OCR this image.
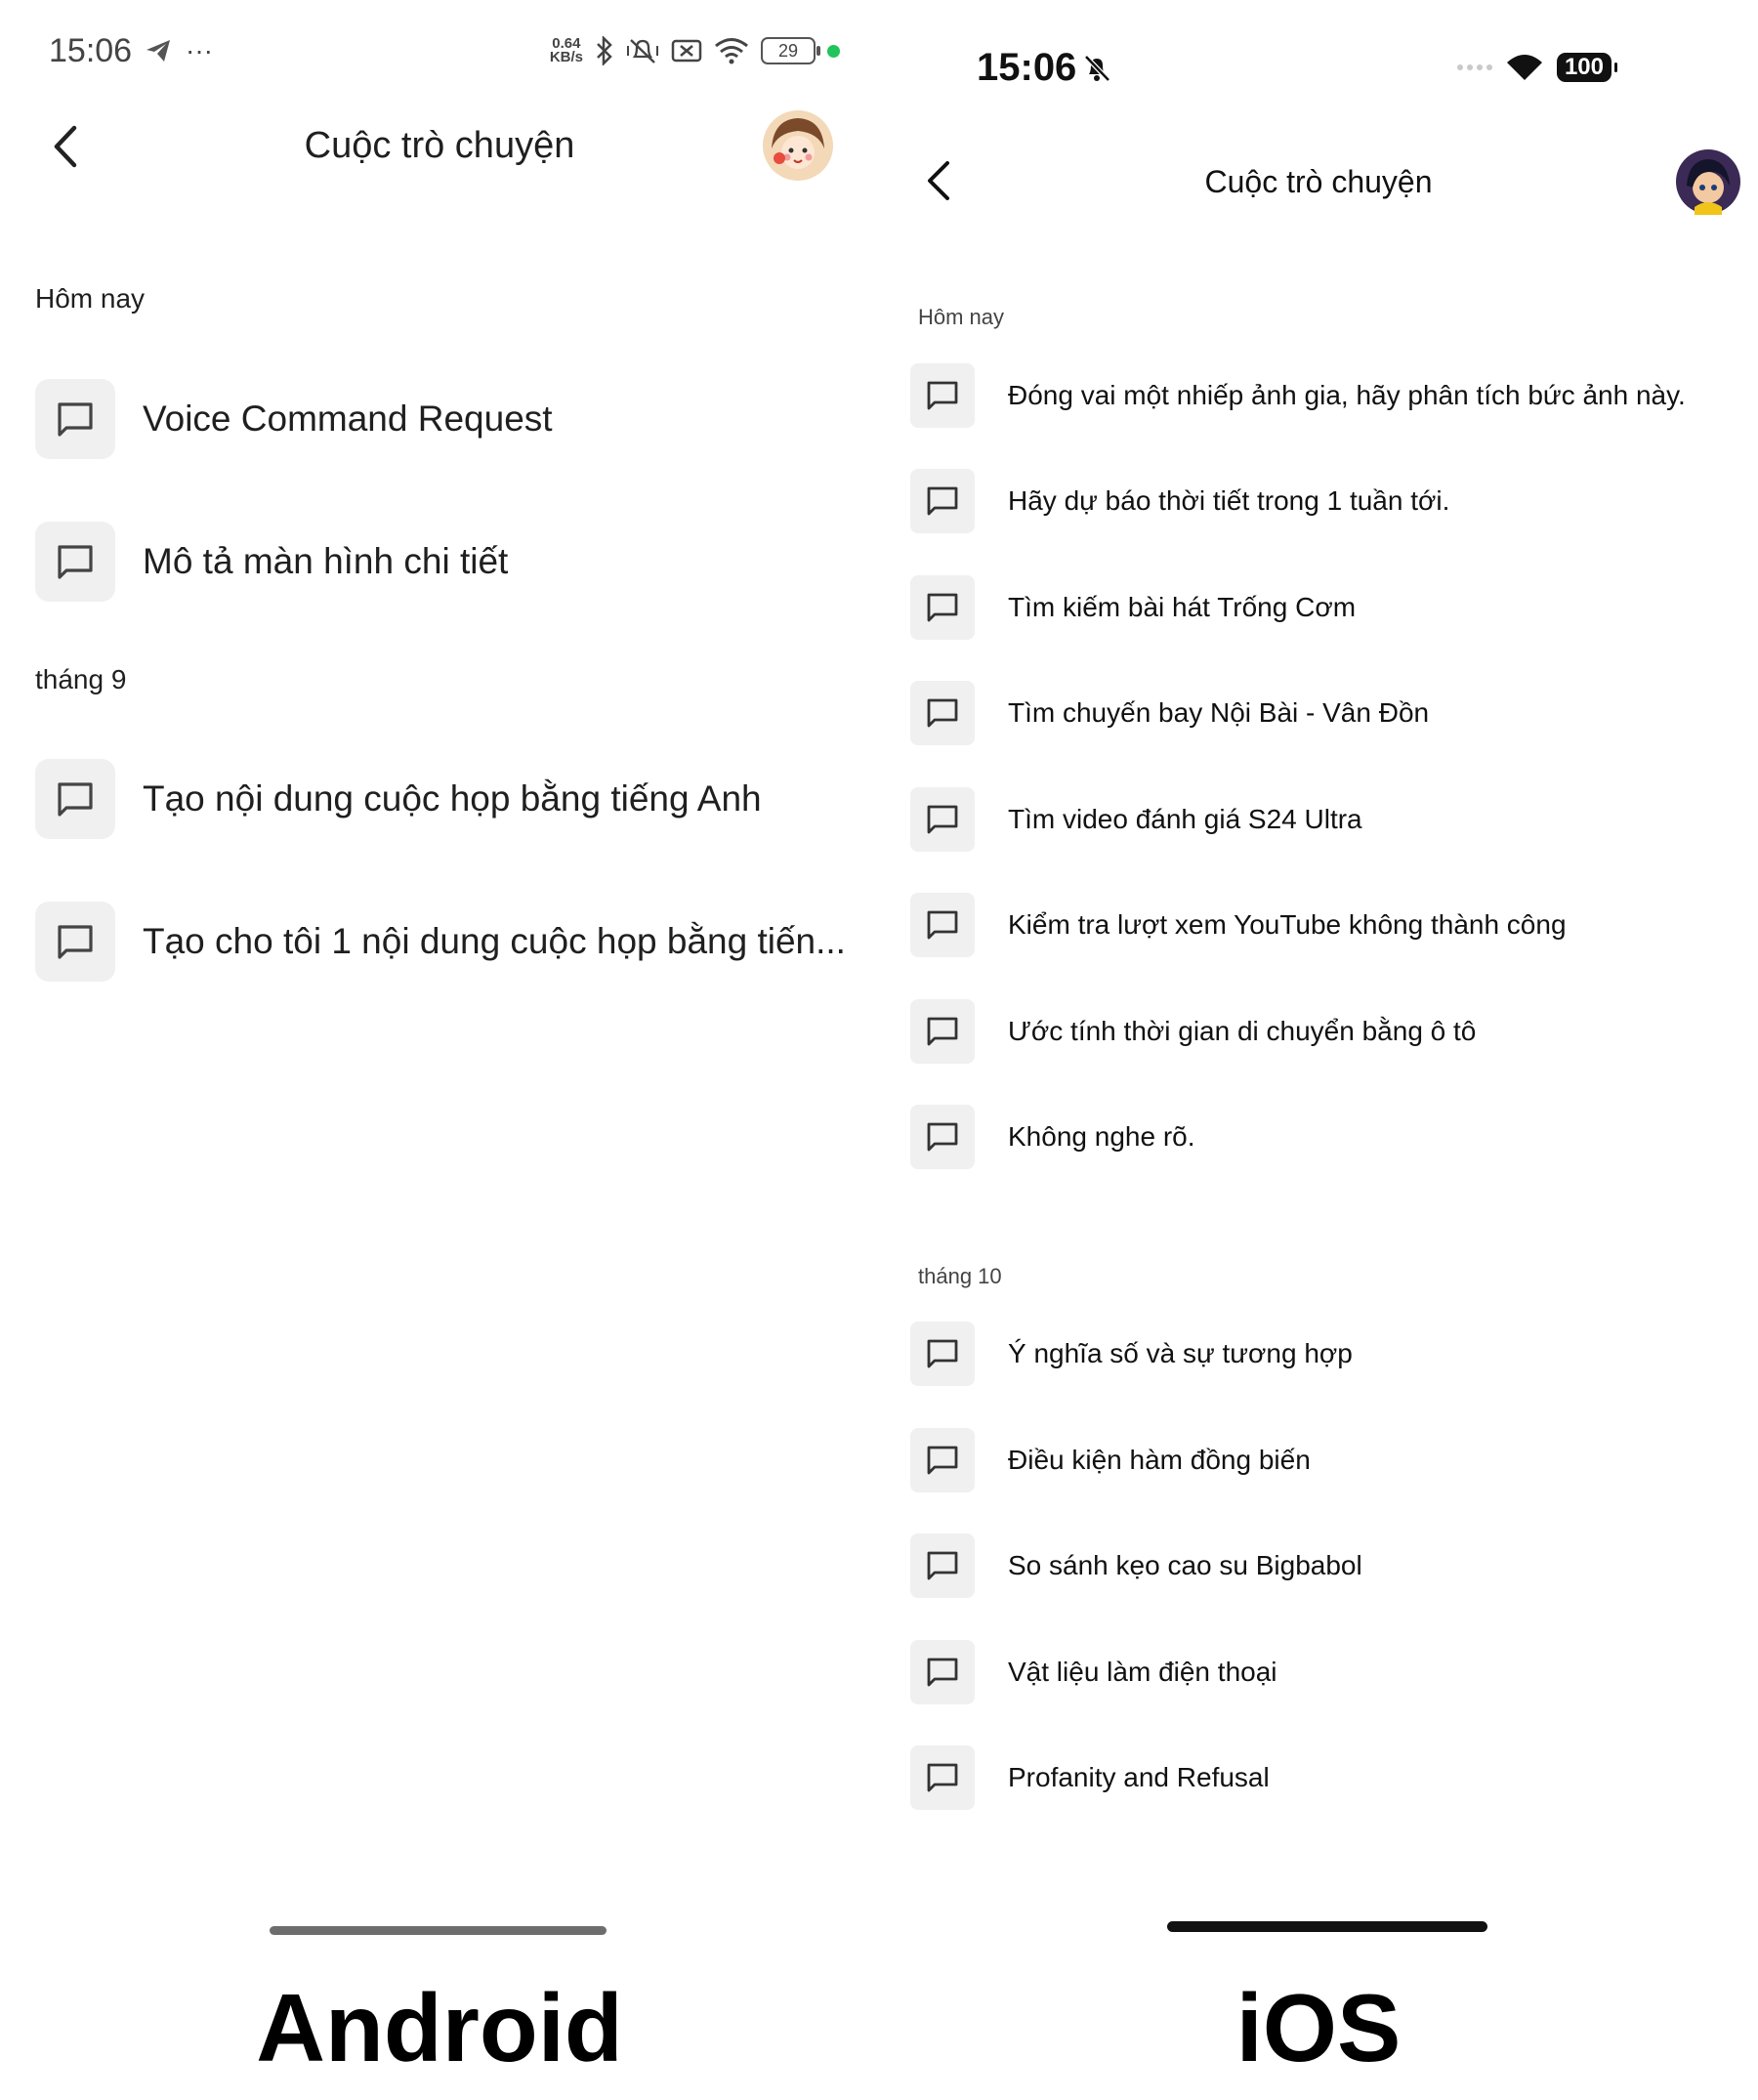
15:06 ···	0.64
KB/s	29
Cuộc trò chuyện
Hôm nay
Voice Command Request
Mô tả màn hình chi tiết
tháng 9
Tạo nội dung cuộc họp bằng tiếng Anh
Tạo cho tôi 1 nội dung cuộc họp bằng tiến...
Android
15:06	100
Cuộc trò chuyện
Hôm nay
Đóng vai một nhiếp ảnh gia, hãy phân tích bức ảnh này.
Hãy dự báo thời tiết trong 1 tuần tới.
Tìm kiếm bài hát Trống Cơm
Tìm chuyến bay Nội Bài - Vân Đồn
Tìm video đánh giá S24 Ultra
Kiểm tra lượt xem YouTube không thành công
Ước tính thời gian di chuyển bằng ô tô
Không nghe rõ.
tháng 10
Ý nghĩa số và sự tương hợp
Điều kiện hàm đồng biến
So sánh kẹo cao su Bigbabol
Vật liệu làm điện thoại
Profanity and Refusal
iOS
